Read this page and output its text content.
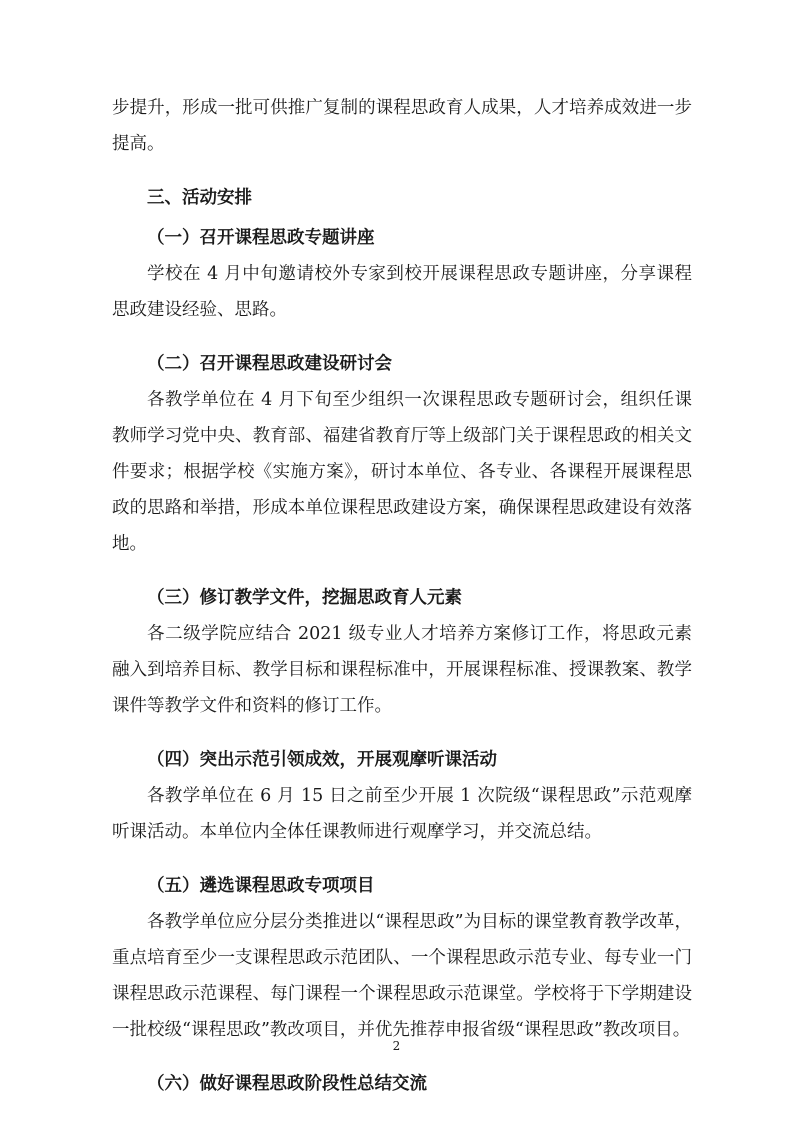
步提升，形成一批可供推广复制的课程思政育人成果，人才培养成效进一步提高。

三、活动安排
（一）召开课程思政专题讲座

学校在 4 月中旬邀请校外专家到校开展课程思政专题讲座，分享课程思政建设经验、思路。

（二）召开课程思政建设研讨会

各教学单位在 4 月下旬至少组织一次课程思政专题研讨会，组织任课教师学习党中央、教育部、福建省教育厅等上级部门关于课程思政的相关文件要求；根据学校《实施方案》，研讨本单位、各专业、各课程开展课程思政的思路和举措，形成本单位课程思政建设方案，确保课程思政建设有效落地。

（三）修订教学文件，挖掘思政育人元素

各二级学院应结合 2021 级专业人才培养方案修订工作，将思政元素融入到培养目标、教学目标和课程标准中，开展课程标准、授课教案、教学课件等教学文件和资料的修订工作。

（四）突出示范引领成效，开展观摩听课活动

各教学单位在 6 月 15 日之前至少开展 1 次院级“课程思政”示范观摩听课活动。本单位内全体任课教师进行观摩学习，并交流总结。

（五）遴选课程思政专项项目

各教学单位应分层分类推进以“课程思政”为目标的课堂教育教学改革，重点培育至少一支课程思政示范团队、一个课程思政示范专业、每专业一门课程思政示范课程、每门课程一个课程思政示范课堂。学校将于下学期建设一批校级“课程思政”教改项目，并优先推荐申报省级“课程思政”教改项目。

（六）做好课程思政阶段性总结交流
2
